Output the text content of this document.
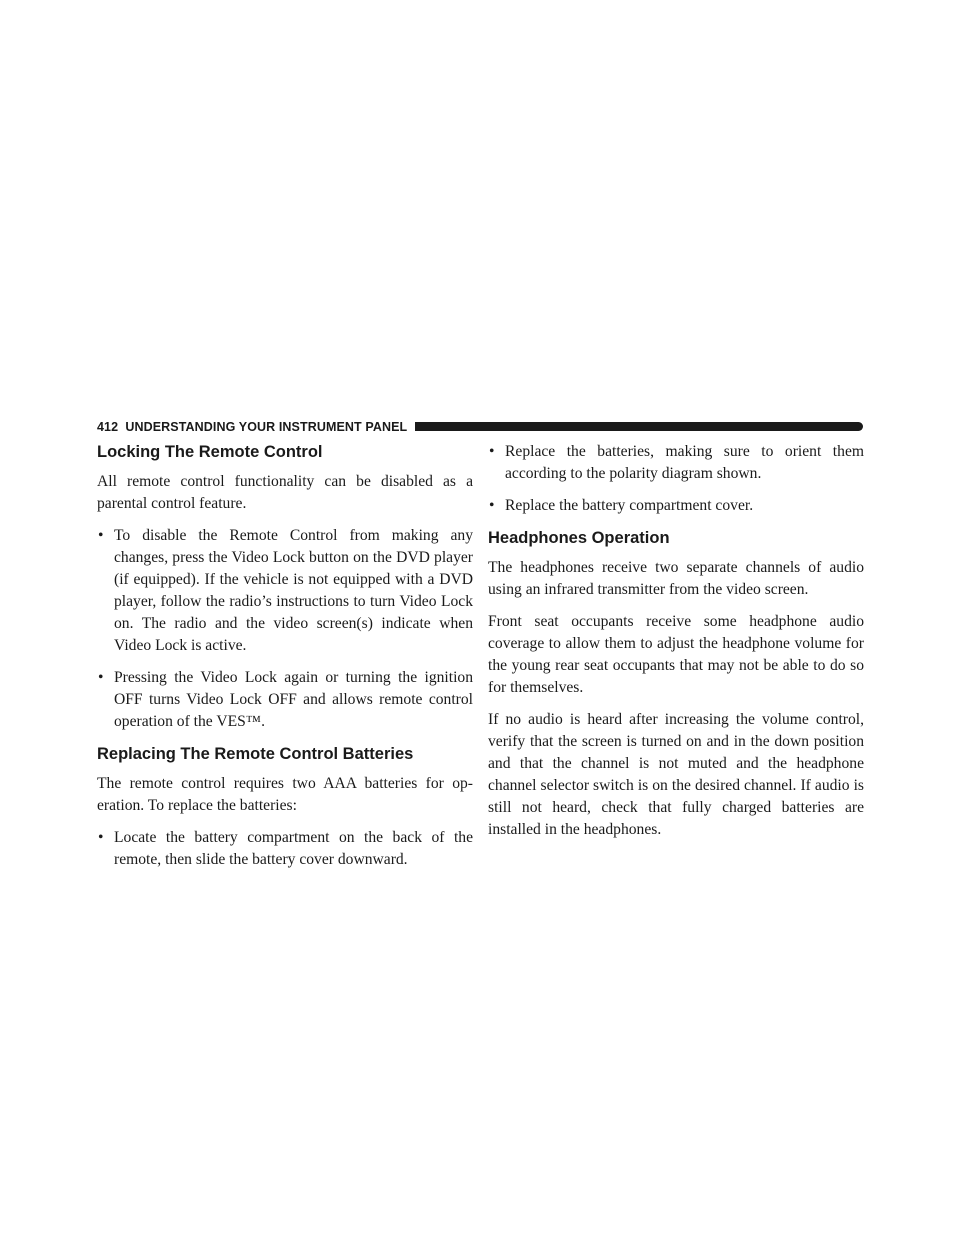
412 UNDERSTANDING YOUR INSTRUMENT PANEL
Locking The Remote Control

All remote control functionality can be disabled as a parental control feature.

• To disable the Remote Control from making any changes, press the Video Lock button on the DVD player (if equipped). If the vehicle is not equipped with a DVD player, follow the radio’s instructions to turn Video Lock on. The radio and the video screen(s) indicate when Video Lock is active.
• Pressing the Video Lock again or turning the ignition OFF turns Video Lock OFF and allows remote control operation of the VES™.
Replacing The Remote Control Batteries

The remote control requires two AAA batteries for op- eration. To replace the batteries:

• Locate the battery compartment on the back of the remote, then slide the battery cover downward.
• Replace the batteries, making sure to orient them according to the polarity diagram shown.
• Replace the battery compartment cover.
Headphones Operation

The headphones receive two separate channels of audio using an infrared transmitter from the video screen.

Front seat occupants receive some headphone audio coverage to allow them to adjust the headphone volume for the young rear seat occupants that may not be able to do so for themselves.

If no audio is heard after increasing the volume control, verify that the screen is turned on and in the down position and that the channel is not muted and the headphone channel selector switch is on the desired channel. If audio is still not heard, check that fully charged batteries are installed in the headphones.
